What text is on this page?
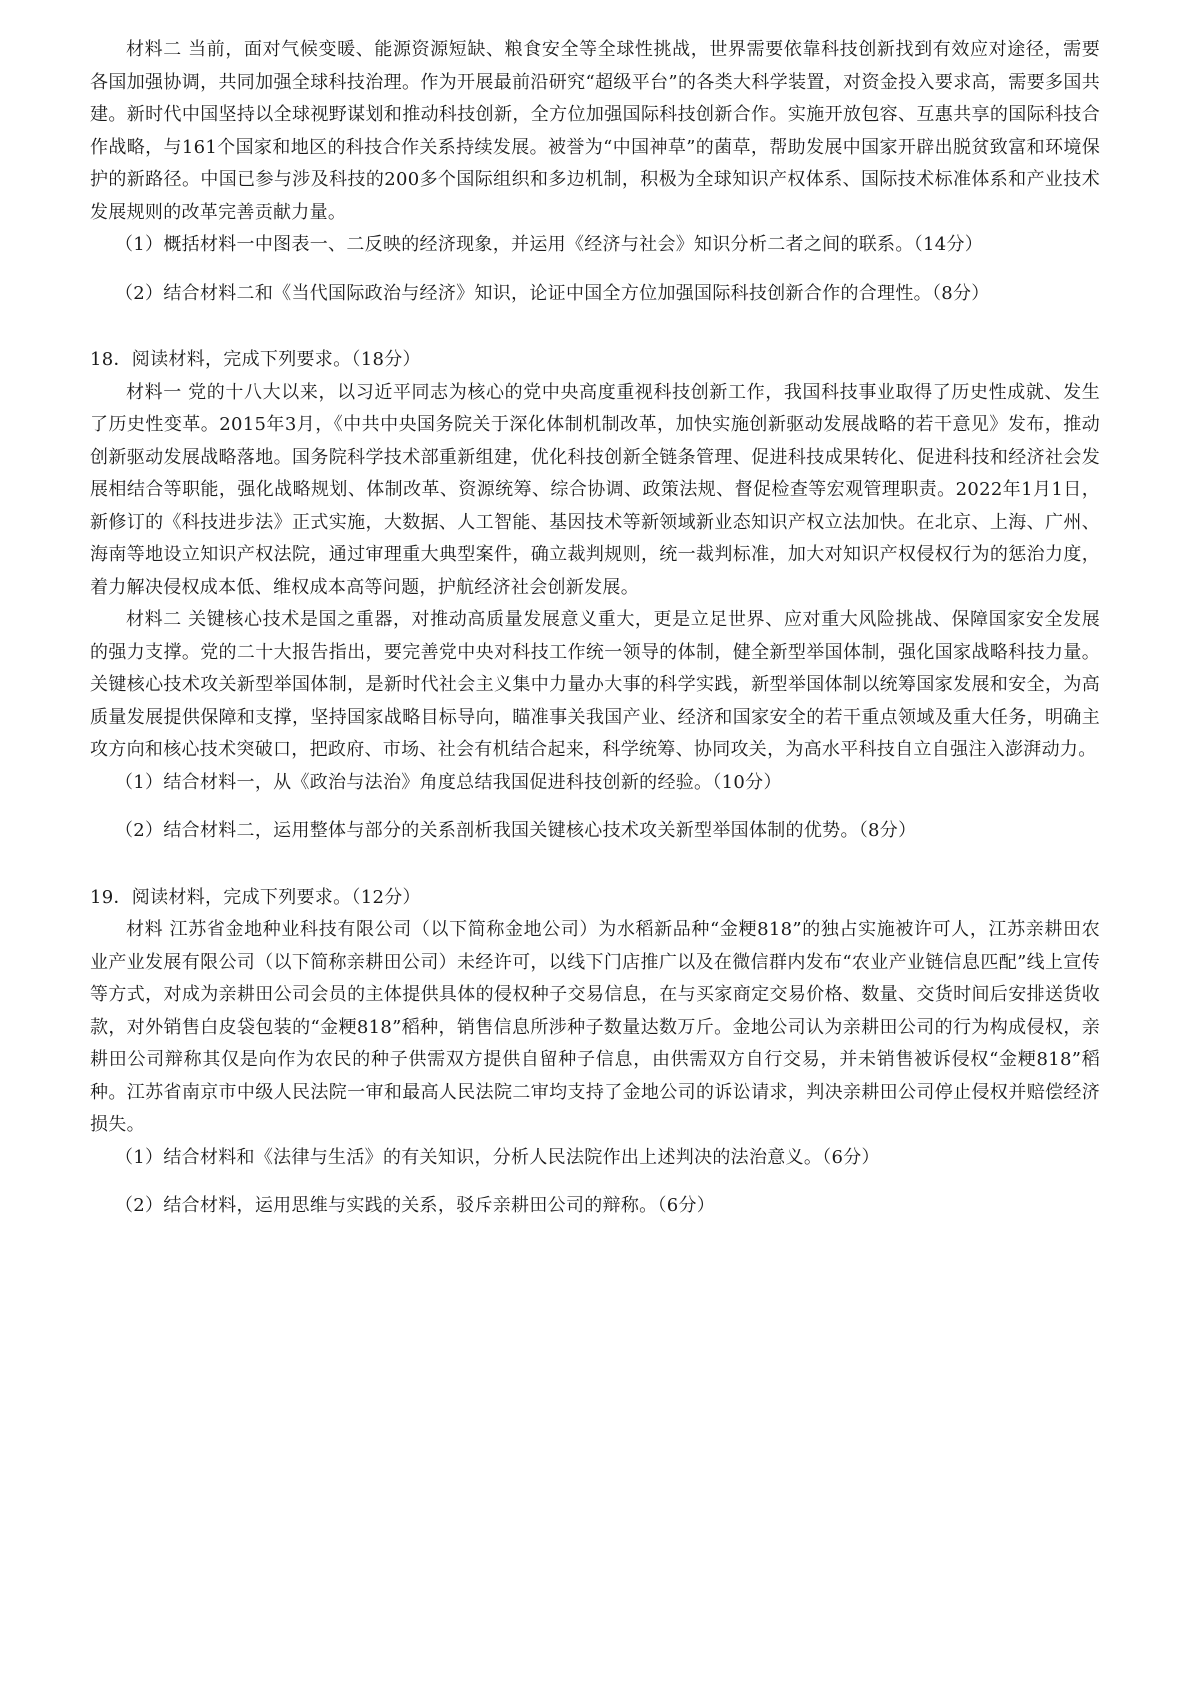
材料二 当前，面对气候变暖、能源资源短缺、粮食安全等全球性挑战，世界需要依靠科技创新找到有效应对途径，需要各国加强协调，共同加强全球科技治理。作为开展最前沿研究“超级平台”的各类大科学装置，对资金投入要求高，需要多国共建。新时代中国坚持以全球视野谋划和推动科技创新，全方位加强国际科技创新合作。实施开放包容、互惠共享的国际科技合作战略，与161个国家和地区的科技合作关系持续发展。被誉为“中国神草”的菌草，帮助发展中国家开辟出脱贫致富和环境保护的新路径。中国已参与涉及科技的200多个国际组织和多边机制，积极为全球知识产权体系、国际技术标准体系和产业技术发展规则的改革完善贡献力量。

（1）概括材料一中图表一、二反映的经济现象，并运用《经济与社会》知识分析二者之间的联系。（14分）

（2）结合材料二和《当代国际政治与经济》知识，论证中国全方位加强国际科技创新合作的合理性。（8分）

18．阅读材料，完成下列要求。（18分）

材料一 党的十八大以来，以习近平同志为核心的党中央高度重视科技创新工作，我国科技事业取得了历史性成就、发生了历史性变革。2015年3月，《中共中央国务院关于深化体制机制改革，加快实施创新驱动发展战略的若干意见》发布，推动创新驱动发展战略落地。国务院科学技术部重新组建，优化科技创新全链条管理、促进科技成果转化、促进科技和经济社会发展相结合等职能，强化战略规划、体制改革、资源统筹、综合协调、政策法规、督促检查等宏观管理职责。2022年1月1日，新修订的《科技进步法》正式实施，大数据、人工智能、基因技术等新领域新业态知识产权立法加快。在北京、上海、广州、海南等地设立知识产权法院，通过审理重大典型案件，确立裁判规则，统一裁判标准，加大对知识产权侵权行为的惩治力度，着力解决侵权成本低、维权成本高等问题，护航经济社会创新发展。

材料二 关键核心技术是国之重器，对推动高质量发展意义重大，更是立足世界、应对重大风险挑战、保障国家安全发展的强力支撑。党的二十大报告指出，要完善党中央对科技工作统一领导的体制，健全新型举国体制，强化国家战略科技力量。关键核心技术攻关新型举国体制，是新时代社会主义集中力量办大事的科学实践，新型举国体制以统筹国家发展和安全，为高质量发展提供保障和支撑，坚持国家战略目标导向，瞄准事关我国产业、经济和国家安全的若干重点领域及重大任务，明确主攻方向和核心技术突破口，把政府、市场、社会有机结合起来，科学统筹、协同攻关，为高水平科技自立自强注入澎湃动力。

（1）结合材料一，从《政治与法治》角度总结我国促进科技创新的经验。（10分）

（2）结合材料二，运用整体与部分的关系剖析我国关键核心技术攻关新型举国体制的优势。（8分）

19．阅读材料，完成下列要求。（12分）

材料 江苏省金地种业科技有限公司（以下简称金地公司）为水稻新品种“金粳818”的独占实施被许可人，江苏亲耕田农业产业发展有限公司（以下简称亲耕田公司）未经许可，以线下门店推广以及在微信群内发布“农业产业链信息匹配”线上宣传等方式，对成为亲耕田公司会员的主体提供具体的侵权种子交易信息，在与买家商定交易价格、数量、交货时间后安排送货收款，对外销售白皮袋包装的“金粳818”稻种，销售信息所涉种子数量达数万斤。金地公司认为亲耕田公司的行为构成侵权，亲耕田公司辩称其仅是向作为农民的种子供需双方提供自留种子信息，由供需双方自行交易，并未销售被诉侵权“金粳818”稻种。江苏省南京市中级人民法院一审和最高人民法院二审均支持了金地公司的诉讼请求，判决亲耕田公司停止侵权并赔偿经济损失。

（1）结合材料和《法律与生活》的有关知识，分析人民法院作出上述判决的法治意义。（6分）

（2）结合材料，运用思维与实践的关系，驳斥亲耕田公司的辩称。（6分）
